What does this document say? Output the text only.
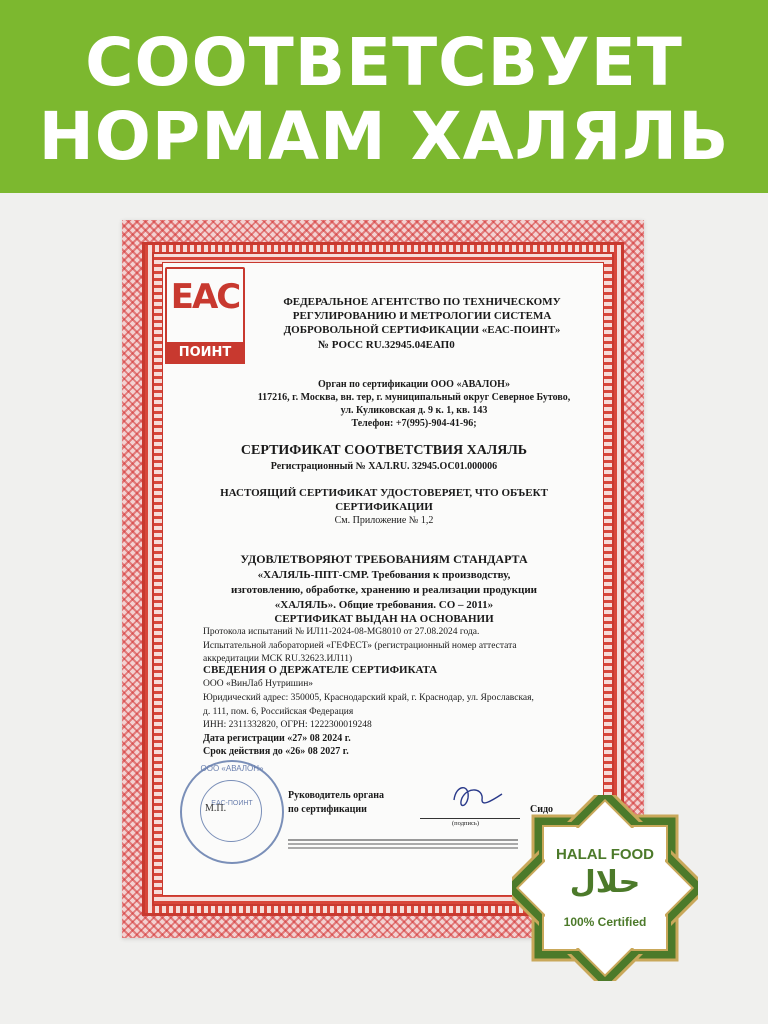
СООТВЕТСВУЕТ
НОРМАМ ХАЛЯЛЬ
EAC
ПОИНТ
ФЕДЕРАЛЬНОЕ АГЕНТСТВО ПО ТЕХНИЧЕСКОМУ
РЕГУЛИРОВАНИЮ И МЕТРОЛОГИИ СИСТЕМА
ДОБРОВОЛЬНОЙ СЕРТИФИКАЦИИ «ЕАС-ПОИНТ»
№ РОСС RU.32945.04ЕАП0
Орган по сертификации ООО «АВАЛОН»
117216, г. Москва, вн. тер, г. муниципальный округ Северное Бутово,
ул. Куликовская д. 9 к. 1, кв. 143
Телефон: +7(995)-904-41-96;
СЕРТИФИКАТ СООТВЕТСТВИЯ ХАЛЯЛЬ
Регистрационный № ХАЛ.RU. 32945.ОС01.000006
НАСТОЯЩИЙ СЕРТИФИКАТ УДОСТОВЕРЯЕТ, ЧТО ОБЪЕКТ
СЕРТИФИКАЦИИ
См. Приложение № 1,2
УДОВЛЕТВОРЯЮТ ТРЕБОВАНИЯМ СТАНДАРТА
«ХАЛЯЛЬ-ППТ-СМР. Требования к производству,
изготовлению, обработке, хранению и реализации продукции
«ХАЛЯЛЬ». Общие требования. СО – 2011»
СЕРТИФИКАТ ВЫДАН НА ОСНОВАНИИ
Протокола испытаний № ИЛ11-2024-08-MG8010 от 27.08.2024 года.
Испытательной лабораторией «ГЕФЕСТ» (регистрационный номер аттестата
аккредитации МСК RU.32623.ИЛ11)
СВЕДЕНИЯ О ДЕРЖАТЕЛЕ СЕРТИФИКАТА
ООО «ВинЛаб Нутришин»
Юридический адрес: 350005, Краснодарский край, г. Краснодар, ул. Ярославская,
д. 111, пом. 6, Российская Федерация
ИНН: 2311332820, ОГРН: 1222300019248
Дата регистрации «27» 08 2024 г.
Срок действия до «26» 08 2027 г.
ООО «АВАЛОН»
ЕАС-ПОИНТ
М.П.
Руководитель органа
по сертификации
(подпись)
Сидо
HALAL FOOD
حلال
100% Certified
